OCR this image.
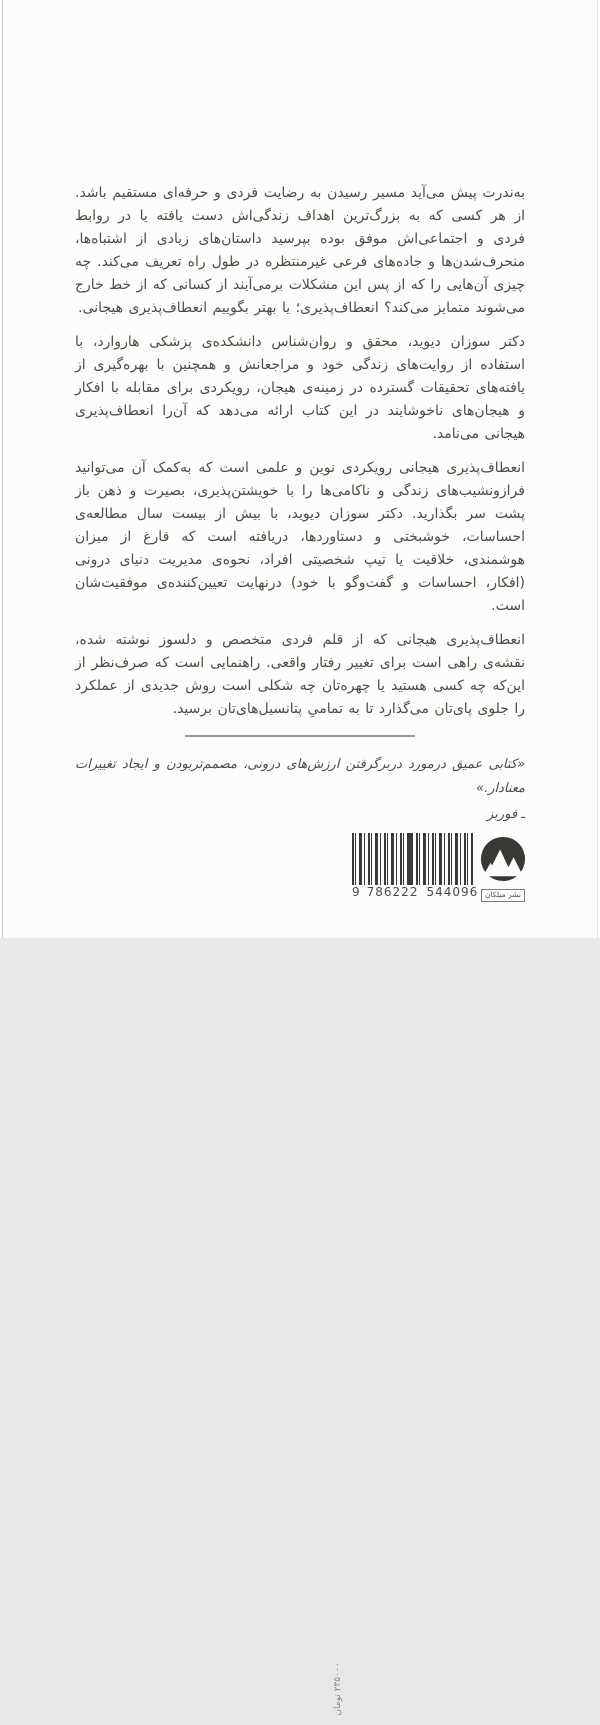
به‌ندرت پیش می‌آید مسیر رسیدن به رضایت فردی و حرفه‌ای مستقیم باشد. از هر کسی که به بزرگ‌ترین اهداف زندگی‌اش دست یافته یا در روابط فردی و اجتماعی‌اش موفق بوده بپرسید داستان‌های زیادی از اشتباه‌ها، منحرف‌شدن‌ها و جاده‌های فرعی غیرمنتظره در طول راه تعریف می‌کند. چه چیزی آن‌هایی را که از پس این مشکلات برمی‌آیند از کسانی که از خط خارج می‌شوند متمایز می‌کند؟ انعطاف‌پذیری؛ یا بهتر بگوییم انعطاف‌پذیری هیجانی.

دکتر سوزان دیوید، محقق و روان‌شناس دانشکده‌ی پزشکی هاروارد، با استفاده از روایت‌های زندگی خود و مراجعانش و همچنین با بهره‌گیری از یافته‌های تحقیقات گسترده در زمینه‌ی هیجان، رویکردی برای مقابله با افکار و هیجان‌های ناخوشایند در این کتاب ارائه می‌دهد که آن‌را انعطاف‌پذیری هیجانی می‌نامد.

انعطاف‌پذیری هیجانی رویکردی نوین و علمی است که به‌کمک آن می‌توانید فرازونشیب‌های زندگی و ناکامی‌ها را با خویشتن‌پذیری، بصیرت و ذهن باز پشت سر بگذارید. دکتر سوزان دیوید، با بیش از بیست سال مطالعه‌ی احساسات، خوشبختی و دستاوردها، دریافته است که فارغ از میزان هوشمندی، خلاقیت یا تیپ شخصیتی افراد، نحوه‌ی مدیریت دنیای درونی (افکار، احساسات و گفت‌وگو با خود) درنهایت تعیین‌کننده‌ی موفقیت‌شان است.

انعطاف‌پذیری هیجانی که از قلم فردی متخصص و دلسوز نوشته شده، نقشه‌ی راهی است برای تغییر رفتار واقعی. راهنمایی است که صرف‌نظر از این‌که چه کسی هستید یا چهره‌تان چه شکلی است روش جدیدی از عملکرد را جلوی پای‌تان می‌گذارد تا به تمامیِ پتانسیل‌های‌تان برسید.

«کتابی عمیق درمورد دربرگرفتن ارزش‌های درونی، مصمم‌تربودن و ایجاد تغییرات معنادار.»

ـ فوربز
۲۳۵۰۰۰ تومان
9 786222 544096 نشر میلکان
